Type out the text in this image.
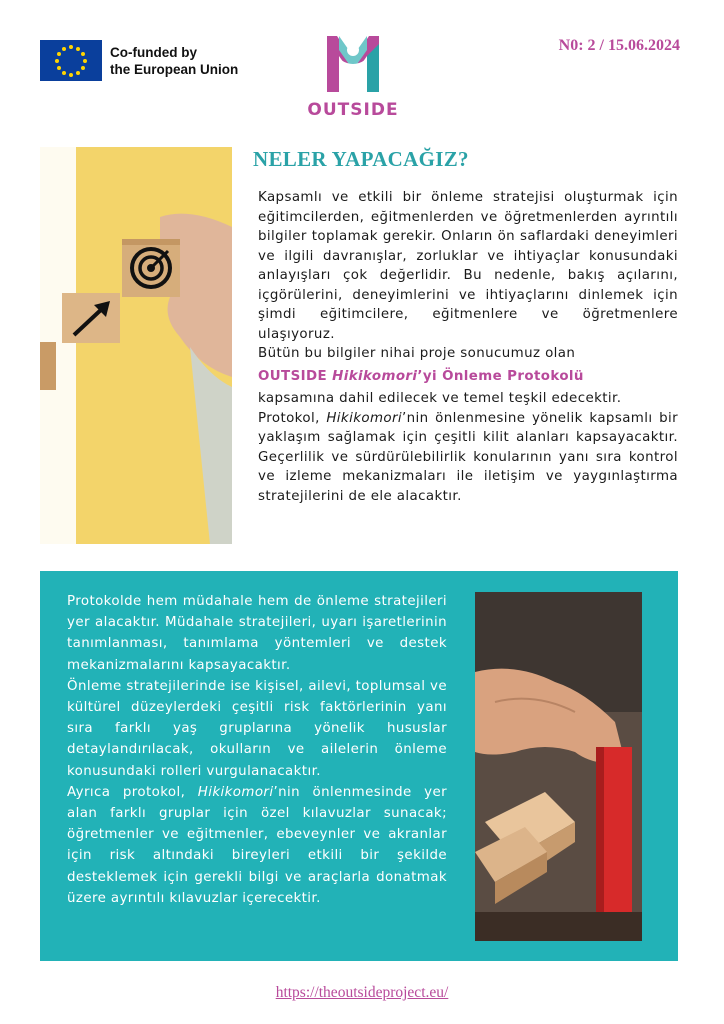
Co-funded by
the European Union
OUTSIDE
N0: 2 / 15.06.2024
NELER YAPACAĞIZ?

Kapsamlı ve etkili bir önleme stratejisi oluşturmak için eğitimcilerden, eğitmenlerden ve öğretmenlerden ayrıntılı bilgiler toplamak gerekir. Onların ön saflardaki deneyimleri ve ilgili davranışlar, zorluklar ve ihtiyaçlar konusundaki anlayışları çok değerlidir. Bu nedenle, bakış açılarını, içgörülerini, deneyimlerini ve ihtiyaçlarını dinlemek için şimdi eğitimcilere, eğitmenlere ve öğretmenlere ulaşıyoruz.

Bütün bu bilgiler nihai proje sonucumuz olan

OUTSIDE Hikikomori’yi Önleme Protokolü

kapsamına dahil edilecek ve temel teşkil edecektir.

Protokol, Hikikomori’nin önlenmesine yönelik kapsamlı bir yaklaşım sağlamak için çeşitli kilit alanları kapsayacaktır. Geçerlilik ve sürdürülebilirlik konularının yanı sıra kontrol ve izleme mekanizmaları ile iletişim ve yaygınlaştırma stratejilerini de ele alacaktır.

Protokolde hem müdahale hem de önleme stratejileri yer alacaktır. Müdahale stratejileri, uyarı işaretlerinin tanımlanması, tanımlama yöntemleri ve destek mekanizmalarını kapsayacaktır.

Önleme stratejilerinde ise kişisel, ailevi, toplumsal ve kültürel düzeylerdeki çeşitli risk faktörlerinin yanı sıra farklı yaş gruplarına yönelik hususlar detaylandırılacak, okulların ve ailelerin önleme konusundaki rolleri vurgulanacaktır.

Ayrıca protokol, Hikikomori’nin önlenmesinde yer alan farklı gruplar için özel kılavuzlar sunacak; öğretmenler ve eğitmenler, ebeveynler ve akranlar için risk altındaki bireyleri etkili bir şekilde desteklemek için gerekli bilgi ve araçlarla donatmak üzere ayrıntılı kılavuzlar içerecektir.

https://theoutsideproject.eu/
